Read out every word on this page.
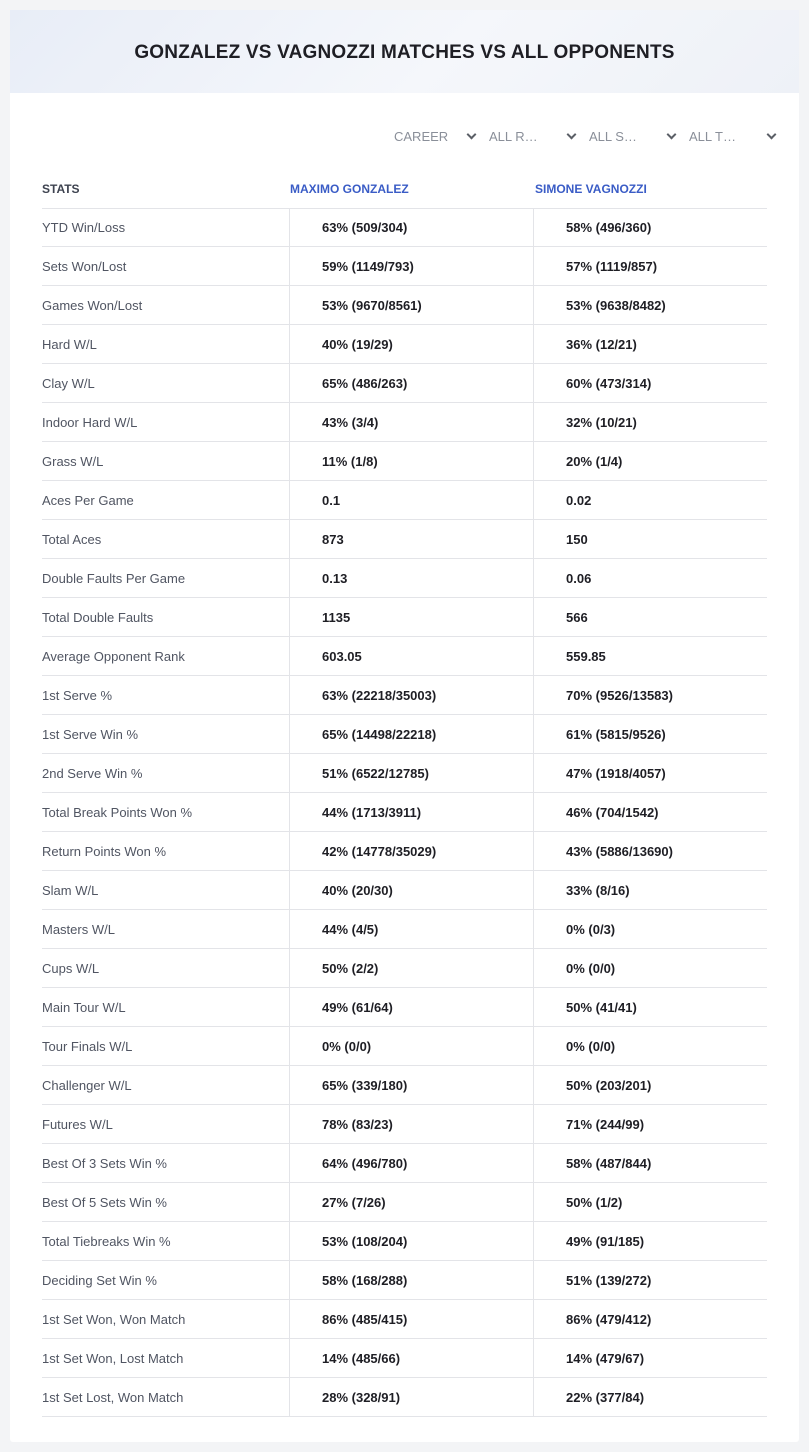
GONZALEZ VS VAGNOZZI MATCHES VS ALL OPPONENTS
CAREER	ALL R…	ALL S…	ALL T…
STATS	MAXIMO GONZALEZ	SIMONE VAGNOZZI
YTD Win/Loss	63% (509/304)	58% (496/360)
Sets Won/Lost	59% (1149/793)	57% (1119/857)
Games Won/Lost	53% (9670/8561)	53% (9638/8482)
Hard W/L	40% (19/29)	36% (12/21)
Clay W/L	65% (486/263)	60% (473/314)
Indoor Hard W/L	43% (3/4)	32% (10/21)
Grass W/L	11% (1/8)	20% (1/4)
Aces Per Game	0.1	0.02
Total Aces	873	150
Double Faults Per Game	0.13	0.06
Total Double Faults	1135	566
Average Opponent Rank	603.05	559.85
1st Serve %	63% (22218/35003)	70% (9526/13583)
1st Serve Win %	65% (14498/22218)	61% (5815/9526)
2nd Serve Win %	51% (6522/12785)	47% (1918/4057)
Total Break Points Won %	44% (1713/3911)	46% (704/1542)
Return Points Won %	42% (14778/35029)	43% (5886/13690)
Slam W/L	40% (20/30)	33% (8/16)
Masters W/L	44% (4/5)	0% (0/3)
Cups W/L	50% (2/2)	0% (0/0)
Main Tour W/L	49% (61/64)	50% (41/41)
Tour Finals W/L	0% (0/0)	0% (0/0)
Challenger W/L	65% (339/180)	50% (203/201)
Futures W/L	78% (83/23)	71% (244/99)
Best Of 3 Sets Win %	64% (496/780)	58% (487/844)
Best Of 5 Sets Win %	27% (7/26)	50% (1/2)
Total Tiebreaks Win %	53% (108/204)	49% (91/185)
Deciding Set Win %	58% (168/288)	51% (139/272)
1st Set Won, Won Match	86% (485/415)	86% (479/412)
1st Set Won, Lost Match	14% (485/66)	14% (479/67)
1st Set Lost, Won Match	28% (328/91)	22% (377/84)
